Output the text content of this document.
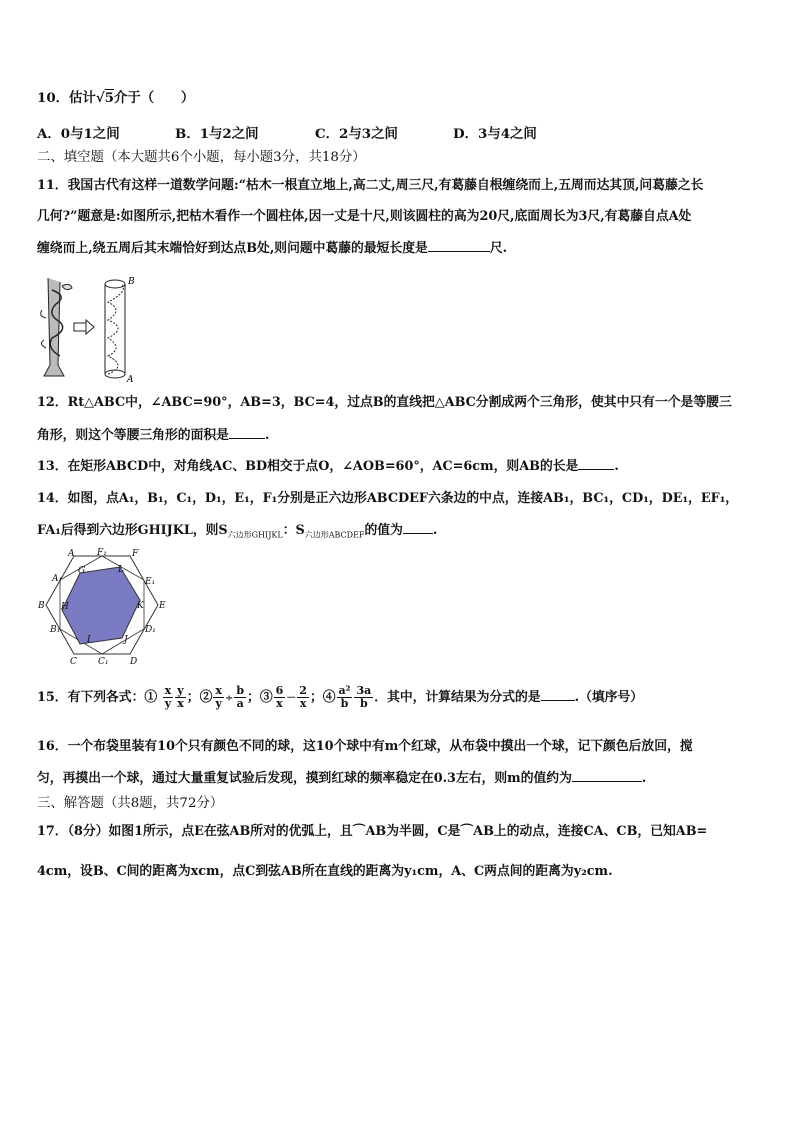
10．估计√5介于（　　）
A．0与1之间	B．1与2之间	C．2与3之间	D．3与4之间
二、填空题（本大题共6个小题，每小题3分，共18分）
11．我国古代有这样一道数学问题:“枯木一根直立地上,高二丈,周三尺,有葛藤自根缠绕而上,五周而达其顶,问葛藤之长
几何?”题意是:如图所示,把枯木看作一个圆柱体,因一丈是十尺,则该圆柱的高为20尺,底面周长为3尺,有葛藤自点A处
缠绕而上,绕五周后其末端恰好到达点B处,则问题中葛藤的最短长度是	尺.
B
A
12．Rt△ABC中，∠ABC=90°，AB=3，BC=4，过点B的直线把△ABC分割成两个三角形，使其中只有一个是等腰三
角形，则这个等腰三角形的面积是	.
13．在矩形ABCD中，对角线AC、BD相交于点O，∠AOB=60°，AC=6cm，则AB的长是	.
14．如图，点A₁，B₁，C₁，D₁，E₁，F₁分别是正六边形ABCDEF六条边的中点，连接AB₁，BC₁，CD₁，DE₁，EF₁，
FA₁后得到六边形GHIJKL，则$S_{六边形GHIJKL}$：$S_{六边形ABCDEF}$的值为 .
A	F₁	F
A₁
G	L
E₁
B H	K E
B₁
I	J
D₁
C C₁ D
15．有下列各式：① $\frac{x}{y} \frac{y}{x}$ ；② $\frac{x}{y} \div \frac{b}{a}$ ；③ $\frac{6}{x} - \frac{2}{x}$ ；④ $\frac{\text{a²}}{b} \frac{3a}{b}$ ．其中，计算结果为分式的是	.（填序号）
16．一个布袋里装有10个只有颜色不同的球，这10个球中有m个红球，从布袋中摸出一个球，记下颜色后放回，搅
匀，再摸出一个球，通过大量重复试验后发现，摸到红球的频率稳定在0.3左右，则m的值约为	.
三、解答题（共8题，共72分）
17．（8分）如图1所示，点E在弦AB所对的优弧上，且⌒AB为半圆，C是⌒AB上的动点，连接CA、CB，已知AB=
4cm，设B、C间的距离为xcm，点C到弦AB所在直线的距离为y₁cm，A、C两点间的距离为y₂cm.
